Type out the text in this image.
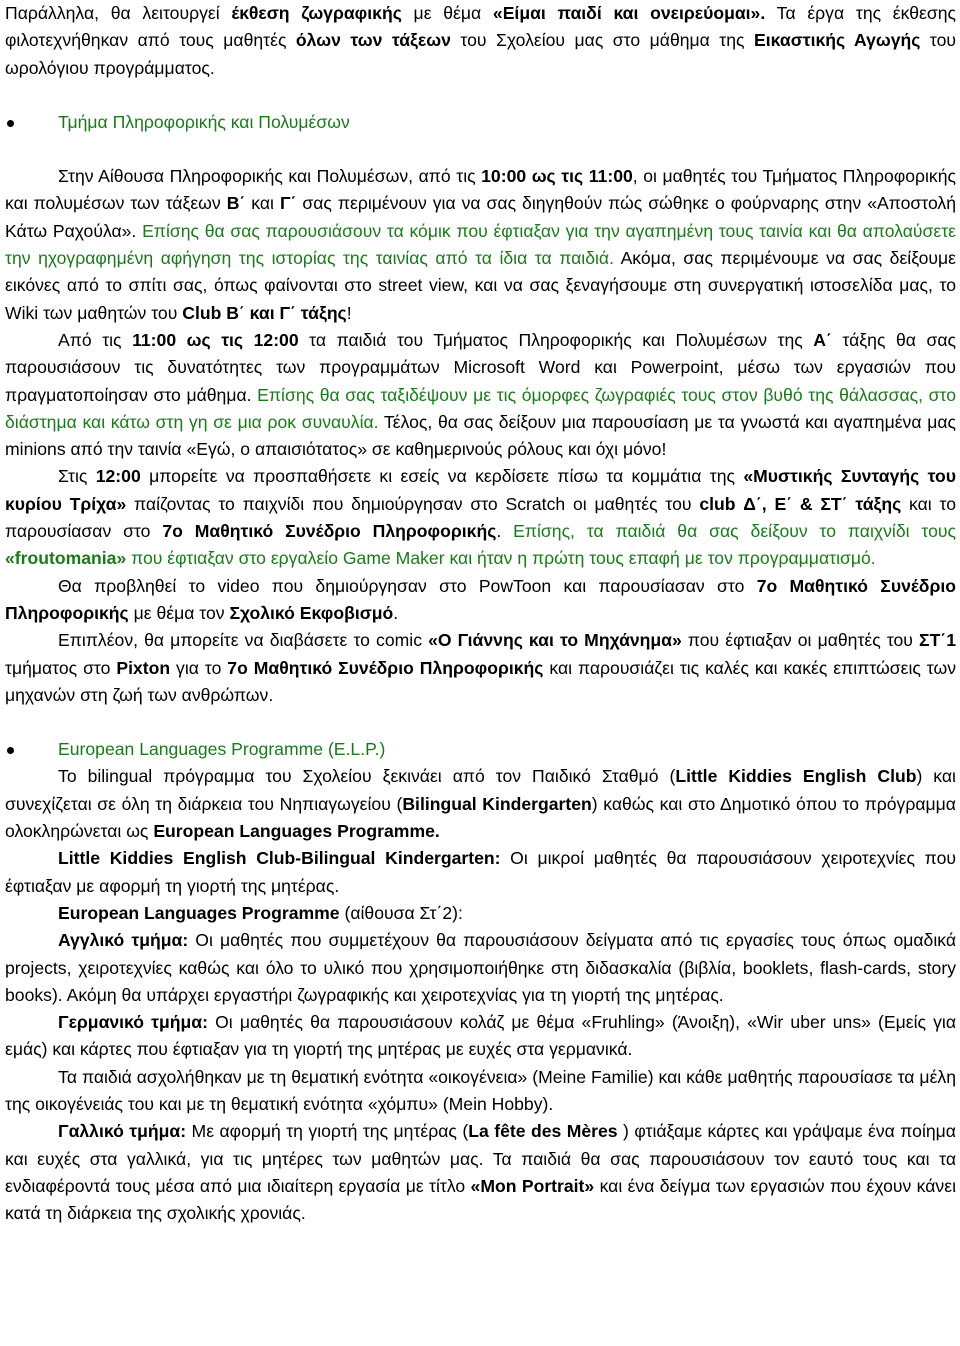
Παράλληλα, θα λειτουργεί έκθεση ζωγραφικής με θέμα «Είμαι παιδί και ονειρεύομαι». Τα έργα της έκθεσης φιλοτεχνήθηκαν από τους μαθητές όλων των τάξεων του Σχολείου μας στο μάθημα της Εικαστικής Αγωγής του ωρολόγιου προγράμματος.

Τμήμα Πληροφορικής και Πολυμέσων

Στην Αίθουσα Πληροφορικής και Πολυμέσων, από τις 10:00 ως τις 11:00, οι μαθητές του Τμήματος Πληροφορικής και πολυμέσων των τάξεων Β΄ και Γ΄ σας περιμένουν για να σας διηγηθούν πώς σώθηκε ο φούρναρης στην «Αποστολή Κάτω Ραχούλα». Επίσης θα σας παρουσιάσουν τα κόμικ που έφτιαξαν για την αγαπημένη τους ταινία και θα απολαύσετε την ηχογραφημένη αφήγηση της ιστορίας της ταινίας από τα ίδια τα παιδιά. Ακόμα, σας περιμένουμε να σας δείξουμε εικόνες από το σπίτι σας, όπως φαίνονται στο street view, και να σας ξεναγήσουμε στη συνεργατική ιστοσελίδα μας, το Wiki των μαθητών του Club Β΄ και Γ΄ τάξης!

Από τις 11:00 ως τις 12:00 τα παιδιά του Τμήματος Πληροφορικής και Πολυμέσων της Α΄ τάξης θα σας παρουσιάσουν τις δυνατότητες των προγραμμάτων Microsoft Word και Powerpoint, μέσω των εργασιών που πραγματοποίησαν στο μάθημα. Επίσης θα σας ταξιδέψουν με τις όμορφες ζωγραφιές τους στον βυθό της θάλασσας, στο διάστημα και κάτω στη γη σε μια ροκ συναυλία. Τέλος, θα σας δείξουν μια παρουσίαση με τα γνωστά και αγαπημένα μας minions από την ταινία «Εγώ, ο απαισιότατος» σε καθημερινούς ρόλους και όχι μόνο!

Στις 12:00 μπορείτε να προσπαθήσετε κι εσείς να κερδίσετε πίσω τα κομμάτια της «Μυστικής Συνταγής του κυρίου Τρίχα» παίζοντας το παιχνίδι που δημιούργησαν στο Scratch οι μαθητές του club Δ΄, Ε΄ & ΣΤ΄ τάξης και το παρουσίασαν στο 7ο Μαθητικό Συνέδριο Πληροφορικής. Επίσης, τα παιδιά θα σας δείξουν το παιχνίδι τους «froutomania» που έφτιαξαν στο εργαλείο Game Maker και ήταν η πρώτη τους επαφή με τον προγραμματισμό.

Θα προβληθεί το video που δημιούργησαν στο PowToon και παρουσίασαν στο 7ο Μαθητικό Συνέδριο Πληροφορικής με θέμα τον Σχολικό Εκφοβισμό.

Επιπλέον, θα μπορείτε να διαβάσετε το comic «Ο Γιάννης και το Μηχάνημα» που έφτιαξαν οι μαθητές του ΣΤ΄1 τμήματος στο Pixton για το 7ο Μαθητικό Συνέδριο Πληροφορικής και παρουσιάζει τις καλές και κακές επιπτώσεις των μηχανών στη ζωή των ανθρώπων.

European Languages Programme (E.L.P.)

Το bilingual πρόγραμμα του Σχολείου ξεκινάει από τον Παιδικό Σταθμό (Little Kiddies English Club) και συνεχίζεται σε όλη τη διάρκεια του Νηπιαγωγείου (Bilingual Kindergarten) καθώς και στο Δημοτικό όπου το πρόγραμμα ολοκληρώνεται ως European Languages Programme.

Little Kiddies English Club-Bilingual Kindergarten: Οι μικροί μαθητές θα παρουσιάσουν χειροτεχνίες που έφτιαξαν με αφορμή τη γιορτή της μητέρας.

European Languages Programme (αίθουσα Στ΄2):

Αγγλικό τμήμα: Οι μαθητές που συμμετέχουν θα παρουσιάσουν δείγματα από τις εργασίες τους όπως ομαδικά projects, χειροτεχνίες καθώς και όλο το υλικό που χρησιμοποιήθηκε στη διδασκαλία (βιβλία, booklets, flash-cards, story books). Ακόμη θα υπάρχει εργαστήρι ζωγραφικής και χειροτεχνίας για τη γιορτή της μητέρας.

Γερμανικό τμήμα: Οι μαθητές θα παρουσιάσουν κολάζ με θέμα «Fruhling» (Άνοιξη), «Wir uber uns» (Εμείς για εμάς) και κάρτες που έφτιαξαν για τη γιορτή της μητέρας με ευχές στα γερμανικά.

Τα παιδιά ασχολήθηκαν με τη θεματική ενότητα «οικογένεια» (Meine Familie) και κάθε μαθητής παρουσίασε τα μέλη της οικογένειάς του και με τη θεματική ενότητα «χόμπυ» (Mein Hobby).

Γαλλικό τμήμα: Με αφορμή τη γιορτή της μητέρας (La fête des Mères ) φτιάξαμε κάρτες και γράψαμε ένα ποίημα και ευχές στα γαλλικά, για τις μητέρες των μαθητών μας. Τα παιδιά θα σας παρουσιάσουν τον εαυτό τους και τα ενδιαφέροντά τους μέσα από μια ιδιαίτερη εργασία με τίτλο «Mon Portrait» και ένα δείγμα των εργασιών που έχουν κάνει κατά τη διάρκεια της σχολικής χρονιάς.
